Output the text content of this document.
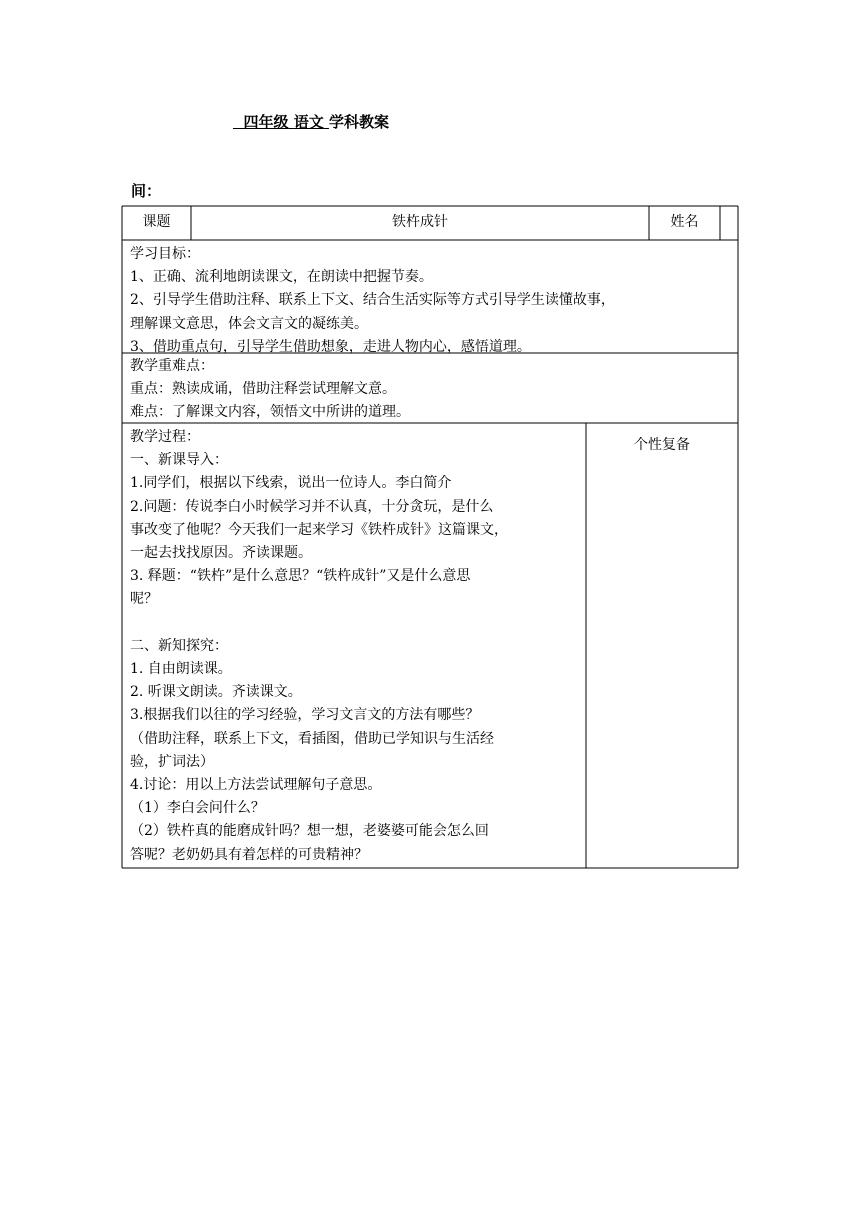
四年级 语文 学科教案
间：
课题	铁杵成针	姓名
学习目标：
1、正确、流利地朗读课文，在朗读中把握节奏。
2、引导学生借助注释、联系上下文、结合生活实际等方式引导学生读懂故事，
理解课文意思，体会文言文的凝练美。
3、借助重点句，引导学生借助想象，走进人物内心，感悟道理。
教学重难点：
重点：熟读成诵，借助注释尝试理解文意。
难点：了解课文内容，领悟文中所讲的道理。
教学过程：
一、新课导入：
1.同学们，根据以下线索，说出一位诗人。李白简介
2.问题：传说李白小时候学习并不认真，十分贪玩，是什么
事改变了他呢？今天我们一起来学习《铁杵成针》这篇课文，
一起去找找原因。齐读课题。
3. 释题：“铁杵”是什么意思？“铁杵成针”又是什么意思
呢？

二、新知探究：
1. 自由朗读课。
2. 听课文朗读。齐读课文。
3.根据我们以往的学习经验，学习文言文的方法有哪些？
（借助注释，联系上下文，看插图，借助已学知识与生活经
验，扩词法）
4.讨论：用以上方法尝试理解句子意思。
（1）李白会问什么？
（2）铁杵真的能磨成针吗？想一想，老婆婆可能会怎么回
答呢？老奶奶具有着怎样的可贵精神？
个性复备
